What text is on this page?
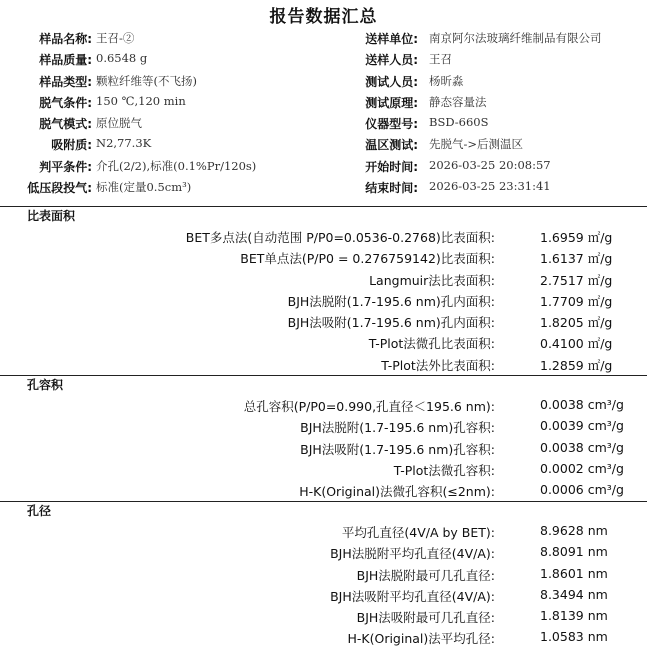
报告数据汇总
样品名称: 王召-②	送样单位: 南京阿尔法玻璃纤维制品有限公司
样品质量: 0.6548 g	送样人员: 王召
样品类型: 颗粒纤维等(不飞扬)	测试人员: 杨昕淼
脱气条件: 150 ℃,120 min	测试原理: 静态容量法
脱气模式: 原位脱气	仪器型号: BSD-660S
吸附质: N2,77.3K	温区测试: 先脱气->后测温区
判平条件: 介孔(2/2),标准(0.1%Pr/120s)	开始时间: 2026-03-25 20:08:57
低压段投气: 标准(定量0.5cm³)	结束时间: 2026-03-25 23:31:41
比表面积
BET多点法(自动范围 P/P0=0.0536-0.2768)比表面积:	1.6959 ㎡/g
BET单点法(P/P0 = 0.276759142)比表面积:	1.6137 ㎡/g
Langmuir法比表面积:	2.7517 ㎡/g
BJH法脱附(1.7-195.6 nm)孔内面积:	1.7709 ㎡/g
BJH法吸附(1.7-195.6 nm)孔内面积:	1.8205 ㎡/g
T-Plot法微孔比表面积:	0.4100 ㎡/g
T-Plot法外比表面积:	1.2859 ㎡/g
孔容积
总孔容积(P/P0=0.990,孔直径＜195.6 nm):	0.0038 cm³/g
BJH法脱附(1.7-195.6 nm)孔容积:	0.0039 cm³/g
BJH法吸附(1.7-195.6 nm)孔容积:	0.0038 cm³/g
T-Plot法微孔容积:	0.0002 cm³/g
H-K(Original)法微孔容积(≤2nm):	0.0006 cm³/g
孔径
平均孔直径(4V/A by BET):	8.9628 nm
BJH法脱附平均孔直径(4V/A):	8.8091 nm
BJH法脱附最可几孔直径:	1.8601 nm
BJH法吸附平均孔直径(4V/A):	8.3494 nm
BJH法吸附最可几孔直径:	1.8139 nm
H-K(Original)法平均孔径:	1.0583 nm
